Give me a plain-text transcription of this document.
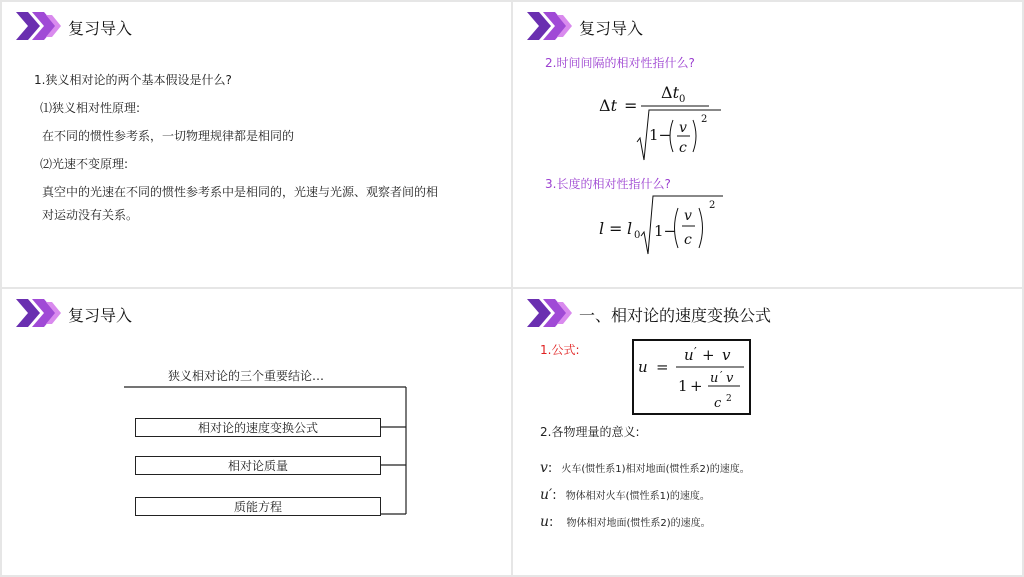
复习导入
1.狭义相对论的两个基本假设是什么?
⑴狭义相对性原理:
在不同的惯性参考系，一切物理规律都是相同的
⑵光速不变原理:
真空中的光速在不同的惯性参考系中是相同的，光速与光源、观察者间的相
对运动没有关系。
复习导入
2.时间间隔的相对性指什么?
Δt =
$\Delta t_0$
1− v
c
2
3.长度的相对性指什么?
l = l 0 1−
v
c
2
复习导入
狭义相对论的三个重要结论…
相对论的速度变换公式
相对论质量
质能方程
一、相对论的速度变换公式
1.公式:
u =
u ′ + v
1 + u ′ v
c 2
2.各物理量的意义:
v: 火车(惯性系1)相对地面(惯性系2)的速度。
u′: 物体相对火车(惯性系1)的速度。
u: 物体相对地面(惯性系2)的速度。
